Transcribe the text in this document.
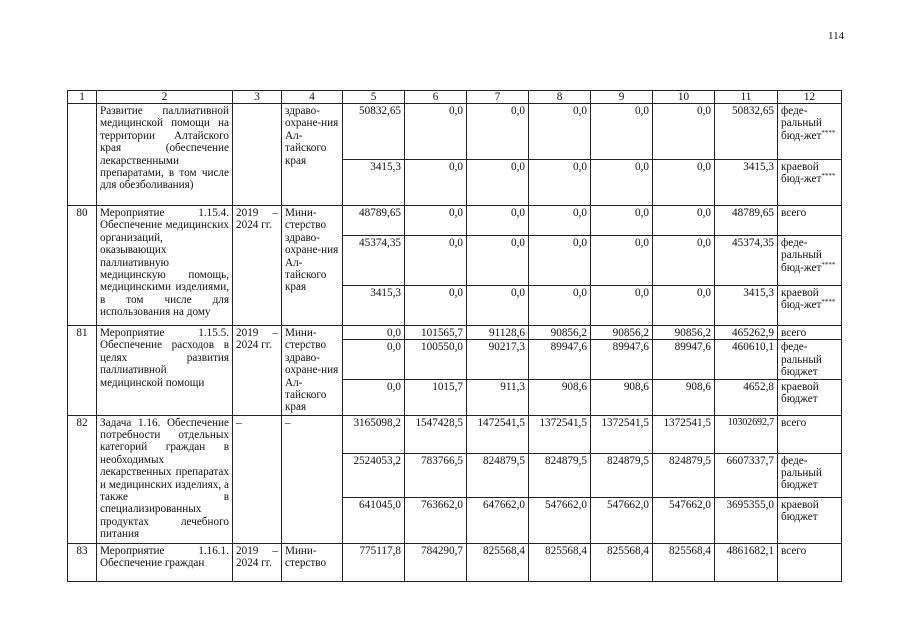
114
1	2	3	4	5	6	7	8	9	10	11	12
	Развитие паллиативной медицинской помощи на территории Алтайского края (обеспечение лекарственными препаратами, в том числе для обезболивания)		здраво-охране-ния Ал-тайского края	50832,65	0,0	0,0	0,0	0,0	0,0	50832,65	феде-ральный бюд-жет****
				3415,3	0,0	0,0	0,0	0,0	0,0	3415,3	краевой бюд-жет****
80	Мероприятие 1.15.4. Обеспечение медицинских организаций, оказывающих паллиативную медицинскую помощь, медицинскими изделиями, в том числе для использования на дому	2019 – 2024 гг.	Мини-стерство здраво-охране-ния Ал-тайского края	48789,65	0,0	0,0	0,0	0,0	0,0	48789,65	всего
				45374,35	0,0	0,0	0,0	0,0	0,0	45374,35	феде-ральный бюд-жет****
				3415,3	0,0	0,0	0,0	0,0	0,0	3415,3	краевой бюд-жет****
81	Мероприятие 1.15.5. Обеспечение расходов в целях развития паллиативной медицинской помощи	2019 – 2024 гг.	Мини-стерство здраво-охране-ния Ал-тайского края	0,0	101565,7	91128,6	90856,2	90856,2	90856,2	465262,9	всего
				0,0	100550,0	90217,3	89947,6	89947,6	89947,6	460610,1	феде-ральный бюджет
				0,0	1015,7	911,3	908,6	908,6	908,6	4652,8	краевой бюджет
82	Задача 1.16. Обеспечение потребности отдельных категорий граждан в необходимых лекарственных препаратах и медицинских изделиях, а также в специализированных продуктах лечебного питания	–	–	3165098,2	1547428,5	1472541,5	1372541,5	1372541,5	1372541,5	10302692,7	всего
				2524053,2	783766,5	824879,5	824879,5	824879,5	824879,5	6607337,7	феде-ральный бюджет
				641045,0	763662,0	647662,0	547662,0	547662,0	547662,0	3695355,0	краевой бюджет
83	Мероприятие 1.16.1. Обеспечение граждан	2019 – 2024 гг.	Мини-стерство	775117,8	784290,7	825568,4	825568,4	825568,4	825568,4	4861682,1	всего
